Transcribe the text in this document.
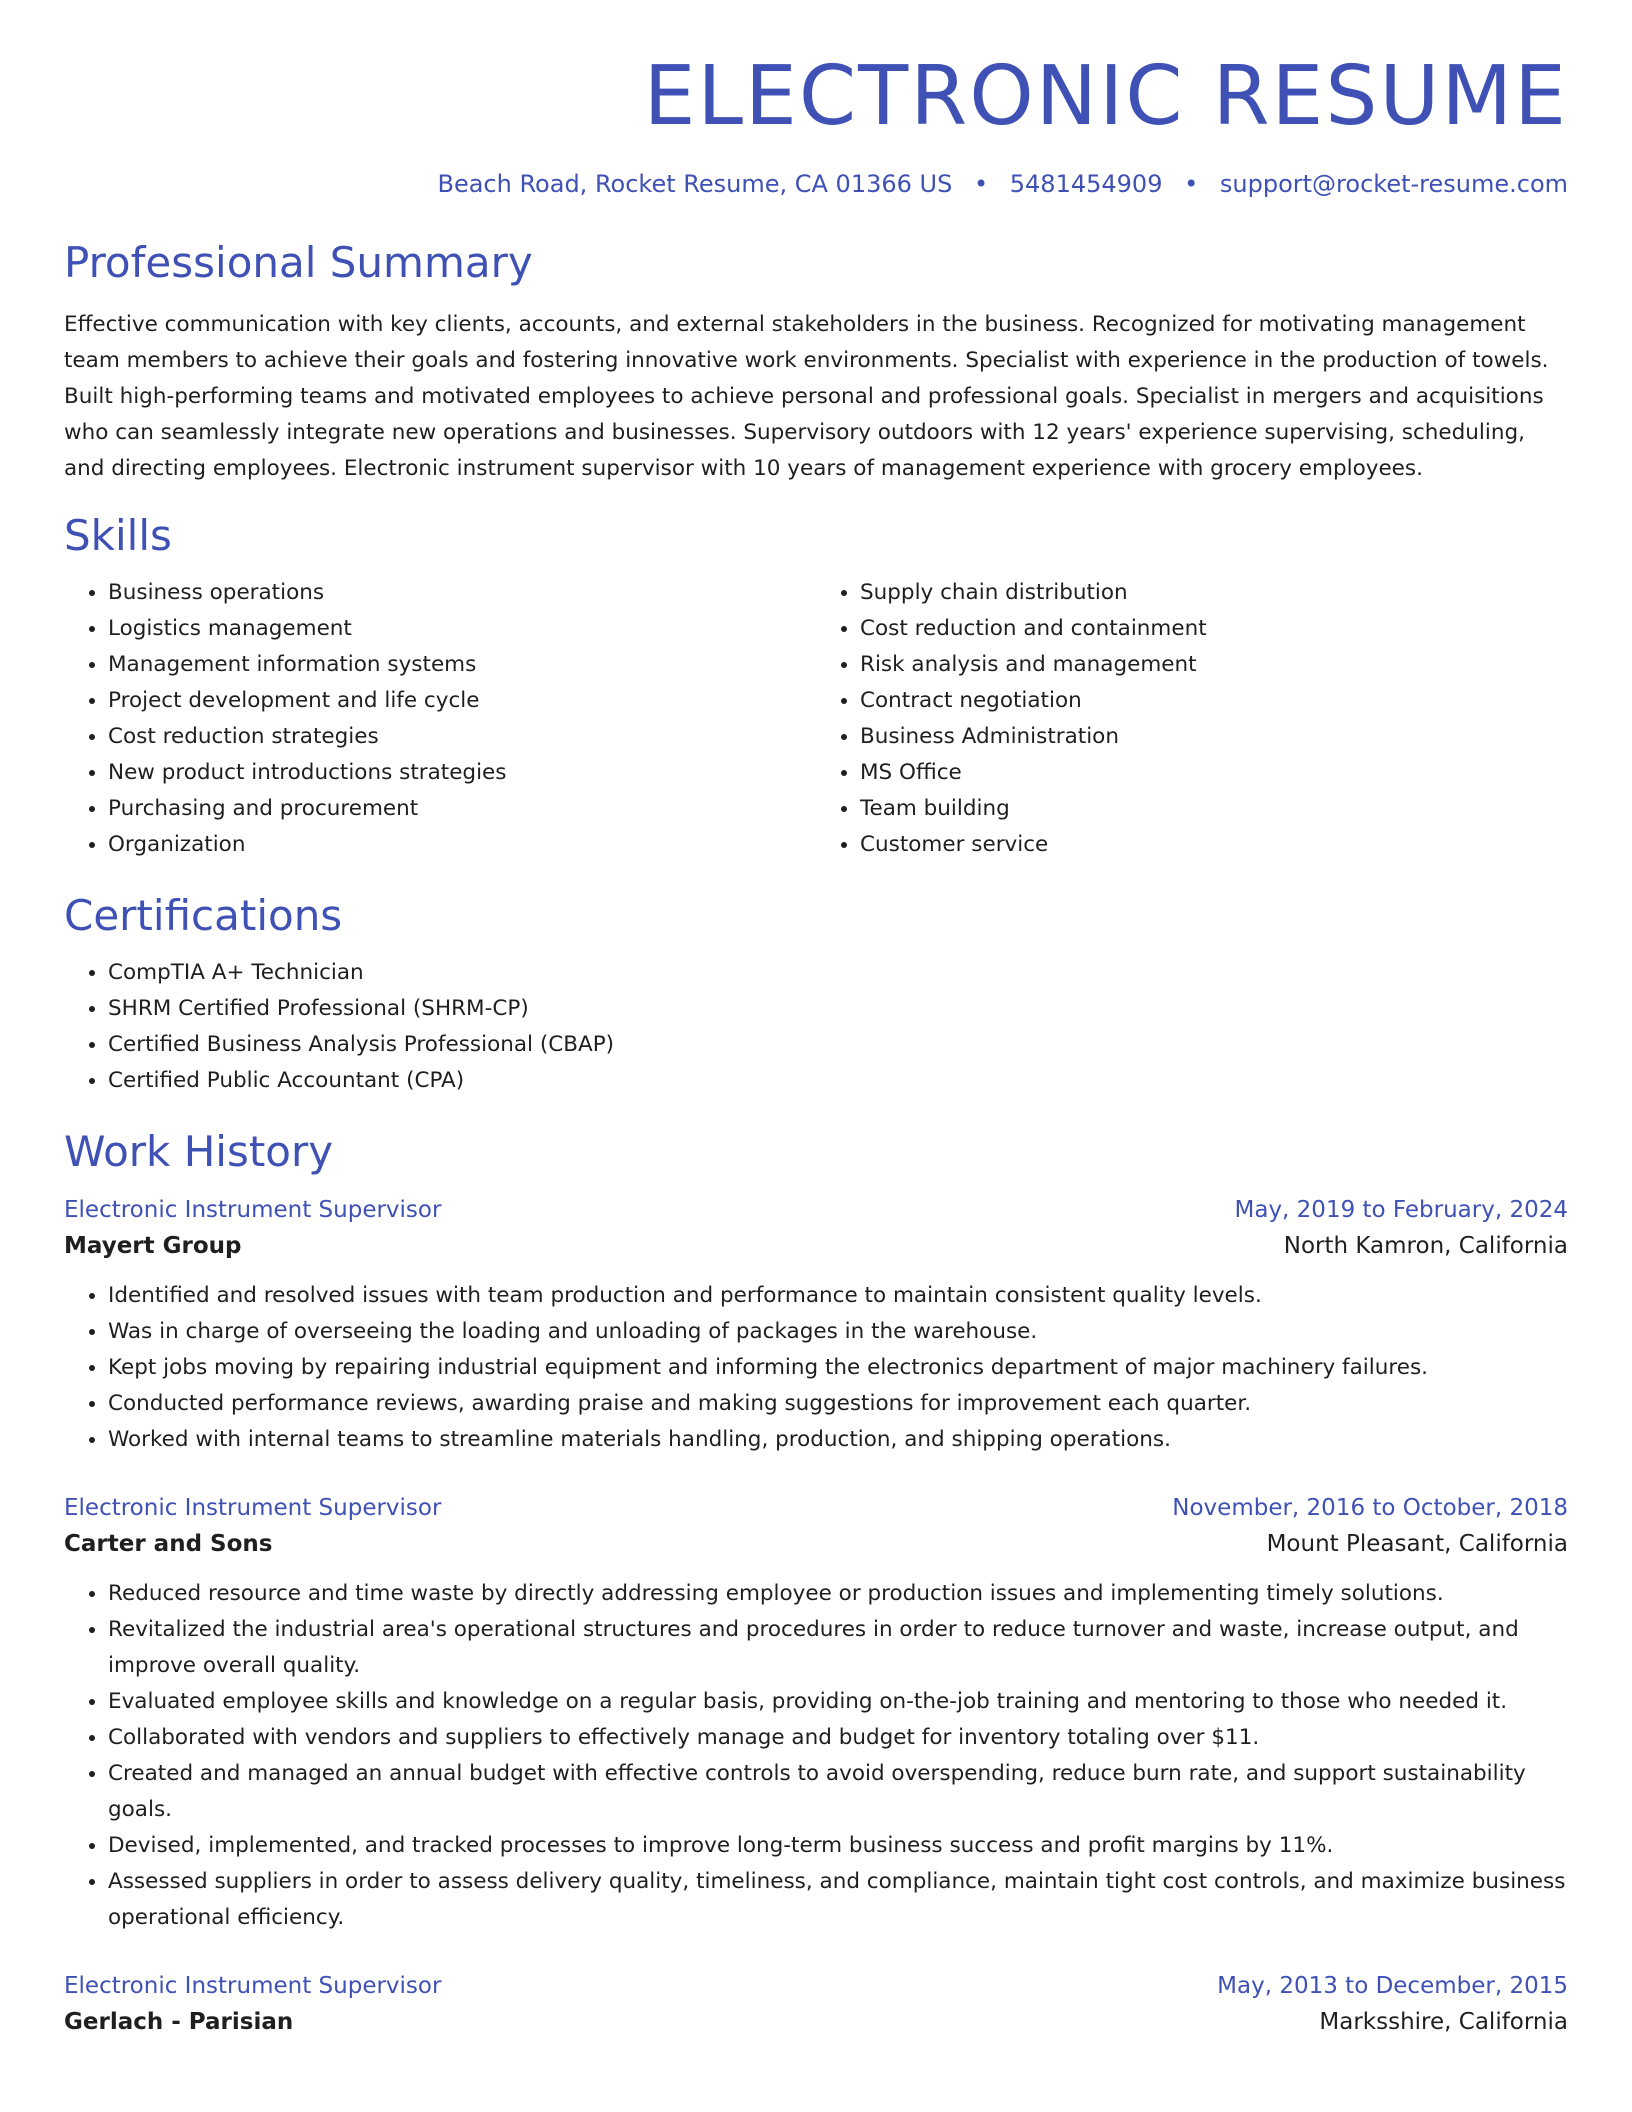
ELECTRONIC RESUME
Beach Road, Rocket Resume, CA 01366 US • 5481454909 • support@rocket-resume.com
Professional Summary

Effective communication with key clients, accounts, and external stakeholders in the business. Recognized for motivating management team members to achieve their goals and fostering innovative work environments. Specialist with experience in the production of towels. Built high-performing teams and motivated employees to achieve personal and professional goals. Specialist in mergers and acquisitions who can seamlessly integrate new operations and businesses. Supervisory outdoors with 12 years' experience supervising, scheduling, and directing employees. Electronic instrument supervisor with 10 years of management experience with grocery employees.

Skills
• Business operations
• Logistics management
• Management information systems
• Project development and life cycle
• Cost reduction strategies
• New product introductions strategies
• Purchasing and procurement
• Organization
• Supply chain distribution
• Cost reduction and containment
• Risk analysis and management
• Contract negotiation
• Business Administration
• MS Office
• Team building
• Customer service
Certifications
• CompTIA A+ Technician
• SHRM Certified Professional (SHRM-CP)
• Certified Business Analysis Professional (CBAP)
• Certified Public Accountant (CPA)
Work History
Electronic Instrument Supervisor	May, 2019 to February, 2024
Mayert Group	North Kamron, California
• Identified and resolved issues with team production and performance to maintain consistent quality levels.
• Was in charge of overseeing the loading and unloading of packages in the warehouse.
• Kept jobs moving by repairing industrial equipment and informing the electronics department of major machinery failures.
• Conducted performance reviews, awarding praise and making suggestions for improvement each quarter.
• Worked with internal teams to streamline materials handling, production, and shipping operations.
Electronic Instrument Supervisor	November, 2016 to October, 2018
Carter and Sons	Mount Pleasant, California
• Reduced resource and time waste by directly addressing employee or production issues and implementing timely solutions.
• Revitalized the industrial area's operational structures and procedures in order to reduce turnover and waste, increase output, and improve overall quality.
• Evaluated employee skills and knowledge on a regular basis, providing on-the-job training and mentoring to those who needed it.
• Collaborated with vendors and suppliers to effectively manage and budget for inventory totaling over $11.
• Created and managed an annual budget with effective controls to avoid overspending, reduce burn rate, and support sustainability goals.
• Devised, implemented, and tracked processes to improve long-term business success and profit margins by 11%.
• Assessed suppliers in order to assess delivery quality, timeliness, and compliance, maintain tight cost controls, and maximize business operational efficiency.
Electronic Instrument Supervisor	May, 2013 to December, 2015
Gerlach - Parisian	Marksshire, California
